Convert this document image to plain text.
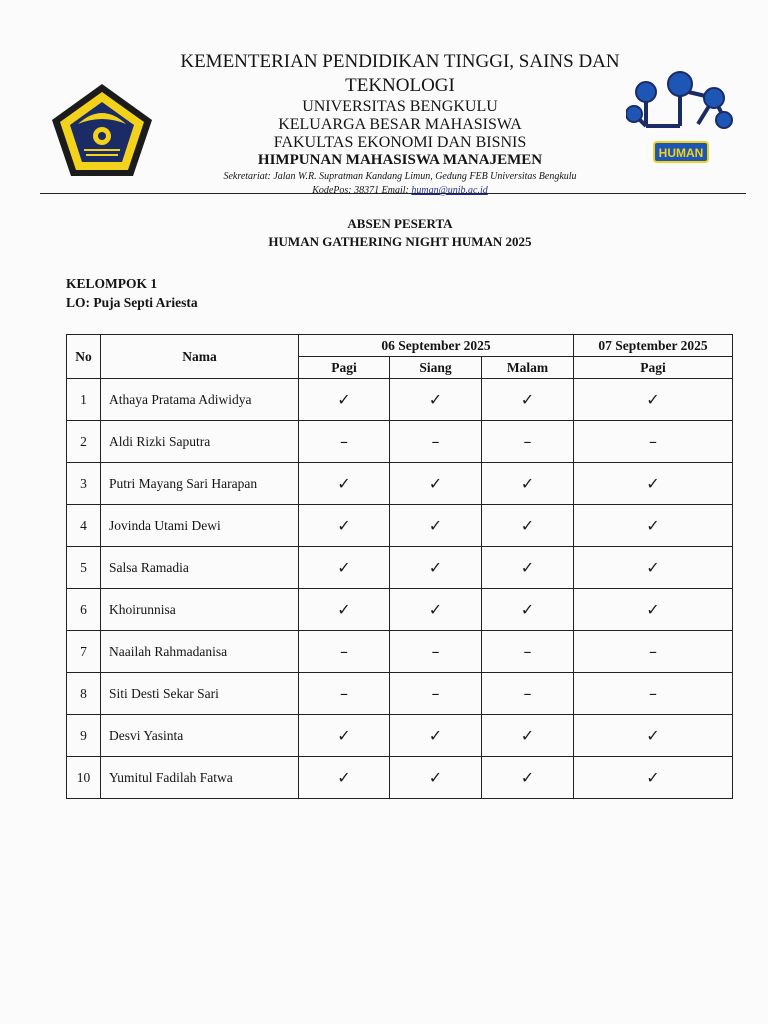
KEMENTERIAN PENDIDIKAN TINGGI, SAINS DAN

TEKNOLOGI

UNIVERSITAS BENGKULU

KELUARGA BESAR MAHASISWA

FAKULTAS EKONOMI DAN BISNIS

HIMPUNAN MAHASISWA MANAJEMEN

Sekretariat: Jalan W.R. Supratman Kandang Limun, Gedung FEB Universitas Bengkulu

KodePos: 38371 Email: human@unib.ac.id

HUMAN
ABSEN PESERTA
HUMAN GATHERING NIGHT HUMAN 2025
KELOMPOK 1
LO: Puja Septi Ariesta
No	Nama	06 September 2025			07 September 2025
		Pagi	Siang	Malam	Pagi
1	Athaya Pratama Adiwidya	✓	✓	✓	✓
2	Aldi Rizki Saputra	–	–	–	–
3	Putri Mayang Sari Harapan	✓	✓	✓	✓
4	Jovinda Utami Dewi	✓	✓	✓	✓
5	Salsa Ramadia	✓	✓	✓	✓
6	Khoirunnisa	✓	✓	✓	✓
7	Naailah Rahmadanisa	–	–	–	–
8	Siti Desti Sekar Sari	–	–	–	–
9	Desvi Yasinta	✓	✓	✓	✓
10	Yumitul Fadilah Fatwa	✓	✓	✓	✓
